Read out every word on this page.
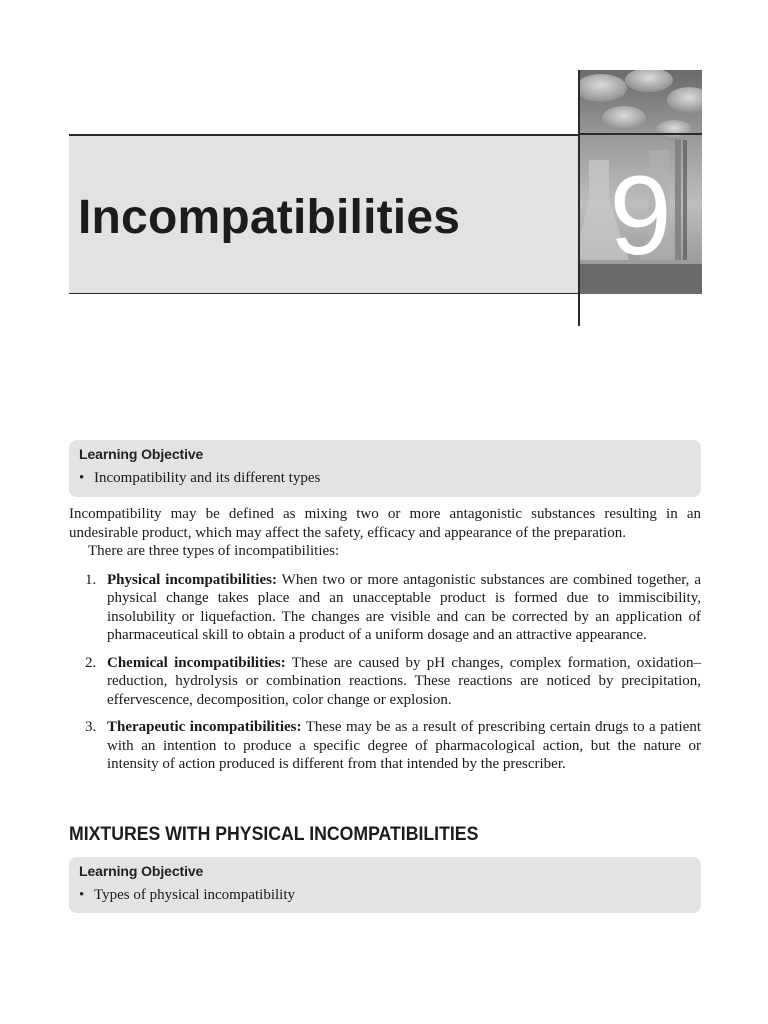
Incompatibilities 9

Learning Objective

• Incompatibility and its different types

Incompatibility may be defined as mixing two or more antagonistic substances resulting in an undesirable product, which may affect the safety, efficacy and appearance of the preparation.

There are three types of incompatibilities:

1. Physical incompatibilities: When two or more antagonistic substances are combined together, a physical change takes place and an unacceptable product is formed due to immiscibility, insolubility or liquefaction. The changes are visible and can be corrected by an application of pharmaceutical skill to obtain a product of a uniform dosage and an attractive appearance.
2. Chemical incompatibilities: These are caused by pH changes, complex formation, oxidation–reduction, hydrolysis or combination reactions. These reactions are noticed by precipitation, effervescence, decomposition, color change or explosion.
3. Therapeutic incompatibilities: These may be as a result of prescribing certain drugs to a patient with an intention to produce a specific degree of pharmacological action, but the nature or intensity of action produced is different from that intended by the prescriber.
MIXTURES WITH PHYSICAL INCOMPATIBILITIES

Learning Objective

• Types of physical incompatibility
